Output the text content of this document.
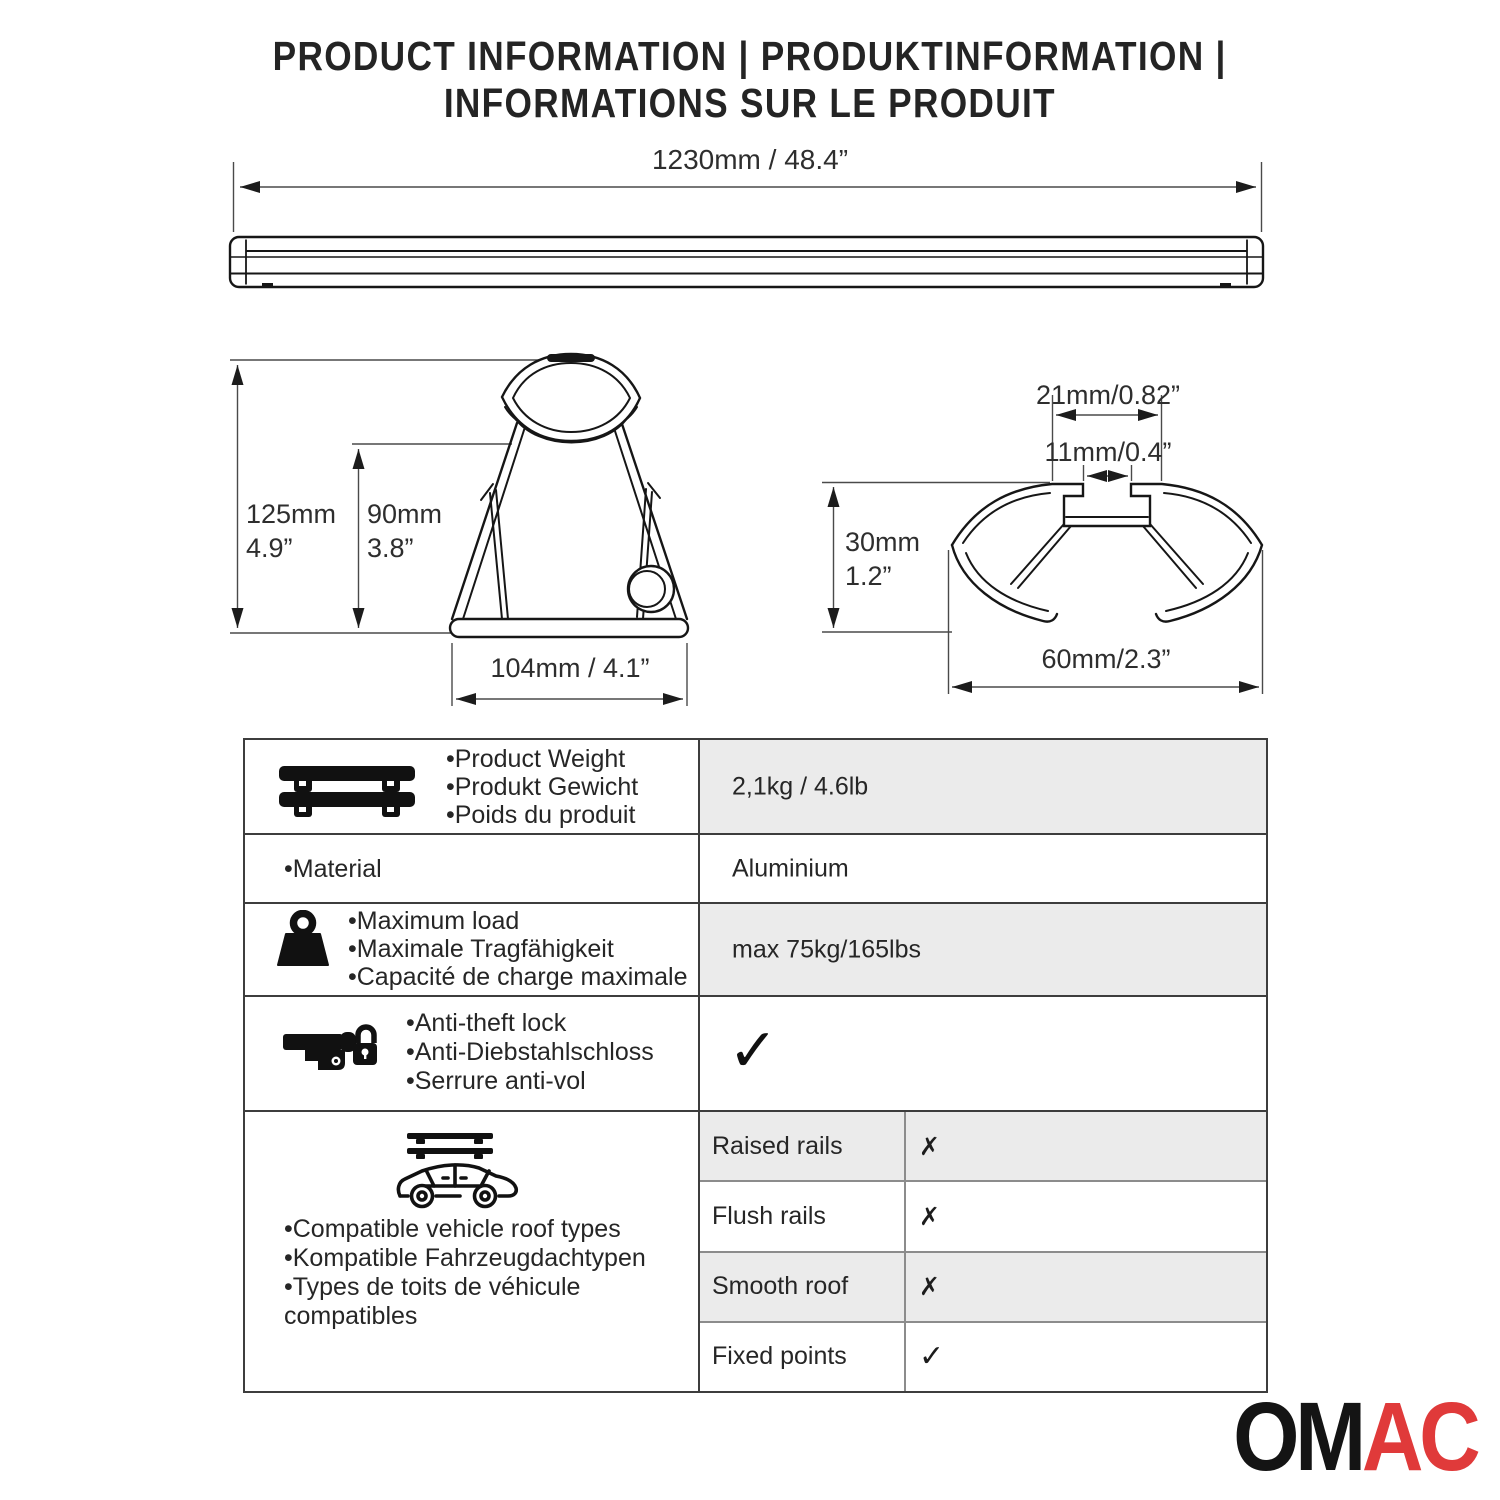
PRODUCT INFORMATION | PRODUKTINFORMATION |
INFORMATIONS SUR LE PRODUIT
1230mm / 48.4”
125mm
4.9”
90mm
3.8”
104mm / 4.1”
21mm/0.82”
11mm/0.4”
30mm
1.2”
60mm/2.3”
•Product Weight
•Produkt Gewicht
•Poids du produit
2,1kg / 4.6lb
•Material	Aluminium
•Maximum load
•Maximale Tragfähigkeit
•Capacité de charge maximale
max 75kg/165lbs
•Anti-theft lock
•Anti-Diebstahlschloss
•Serrure anti-vol	✓
•Compatible vehicle roof types
•Kompatible Fahrzeugdachtypen
•Types de toits de véhicule
compatibles
Raised rails	✗
Flush rails	✗
Smooth roof	✗
Fixed points	✓
OMAC
